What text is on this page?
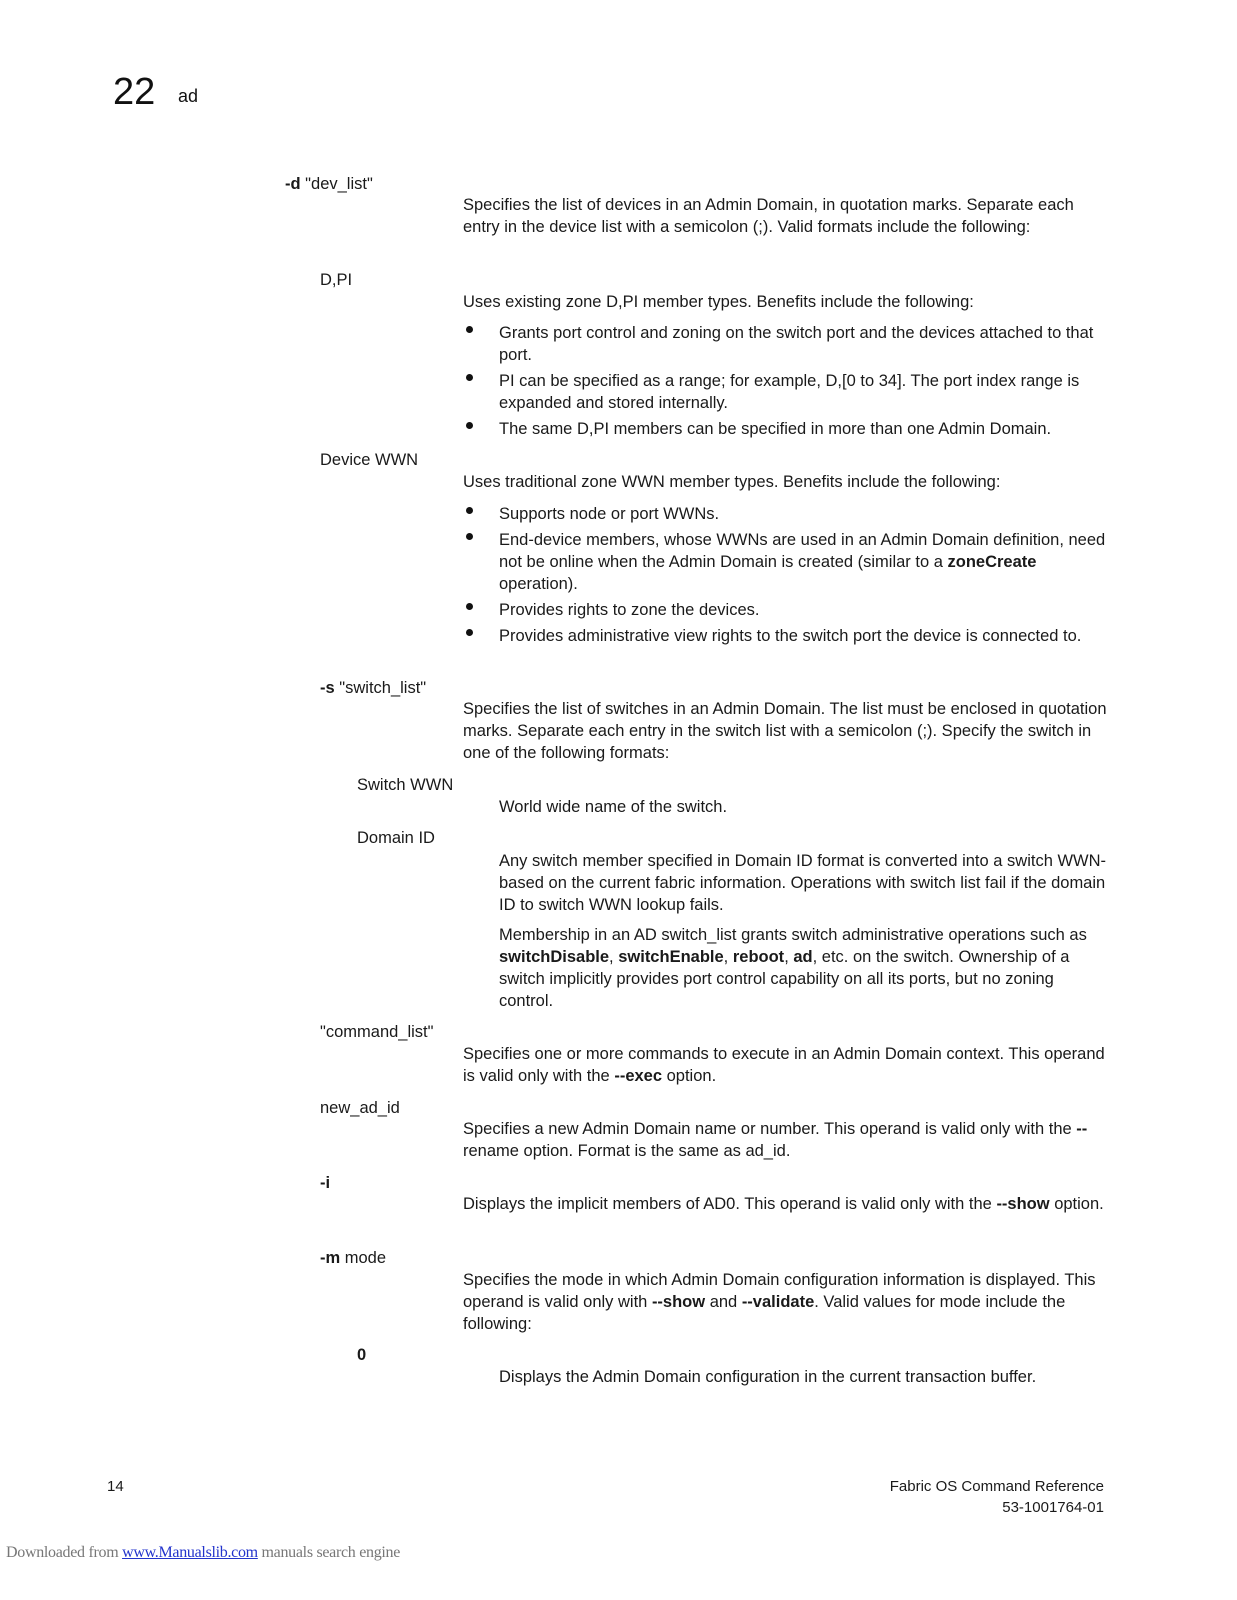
22 ad
-d "dev_list"

Specifies the list of devices in an Admin Domain, in quotation marks. Separate each entry in the device list with a semicolon (;). Valid formats include the following:

D,PI
Uses existing zone D,PI member types. Benefits include the following:
Grants port control and zoning on the switch port and the devices attached to that port.
PI can be specified as a range; for example, D,[0 to 34]. The port index range is expanded and stored internally.
The same D,PI members can be specified in more than one Admin Domain.
Device WWN
Uses traditional zone WWN member types. Benefits include the following:
Supports node or port WWNs.
End-device members, whose WWNs are used in an Admin Domain definition, need not be online when the Admin Domain is created (similar to a zoneCreate operation).
Provides rights to zone the devices.
Provides administrative view rights to the switch port the device is connected to.
-s "switch_list"
Specifies the list of switches in an Admin Domain. The list must be enclosed in quotation marks. Separate each entry in the switch list with a semicolon (;). Specify the switch in one of the following formats:
Switch WWN
World wide name of the switch.
Domain ID
Any switch member specified in Domain ID format is converted into a switch WWN-based on the current fabric information. Operations with switch list fail if the domain ID to switch WWN lookup fails.
Membership in an AD switch_list grants switch administrative operations such as switchDisable, switchEnable, reboot, ad, etc. on the switch. Ownership of a switch implicitly provides port control capability on all its ports, but no zoning control.
"command_list"
Specifies one or more commands to execute in an Admin Domain context. This operand is valid only with the --exec option.
new_ad_id
Specifies a new Admin Domain name or number. This operand is valid only with the --rename option. Format is the same as ad_id.
-i
Displays the implicit members of AD0. This operand is valid only with the --show option.
-m mode
Specifies the mode in which Admin Domain configuration information is displayed. This operand is valid only with --show and --validate. Valid values for mode include the following:
0
Displays the Admin Domain configuration in the current transaction buffer.
14	Fabric OS Command Reference
53-1001764-01
Downloaded from www.Manualslib.com manuals search engine
